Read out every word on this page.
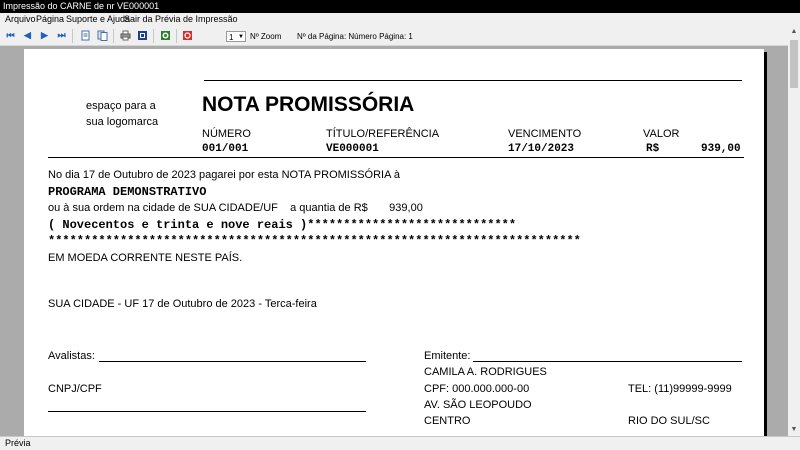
Impressão do CARNE de nr VE000001
Arquivo Página Suporte e Ajuda
Sair da Prévia de Impressão
⏮ ◀ ▶ ⏭	1 ▼ Nº Zoom Nº da Página: Número Página: 1
espaço para a
sua logomarca
NOTA PROMISSÓRIA
NÚMERO	TÍTULO/REFERÊNCIA	VENCIMENTO	VALOR
001/001	VE000001	17/10/2023	R$	939,00
No dia 17 de Outubro de 2023 pagarei por esta NOTA PROMISSÓRIA à
PROGRAMA DEMONSTRATIVO
ou à sua ordem na cidade de SUA CIDADE/UF    a quantia de R$       939,00
( Novecentos e trinta e nove reais )*****************************
**************************************************************************
EM MOEDA CORRENTE NESTE PAÍS.
SUA CIDADE - UF 17 de Outubro de 2023 - Terca-feira
Avalistas:	Emitente:
CAMILA A. RODRIGUES
CNPJ/CPF	CPF: 000.000.000-00	TEL: (11)99999-9999
AV. SÃO LEOPOUDO
CENTRO	RIO DO SUL/SC
▲
▼
Prévia
